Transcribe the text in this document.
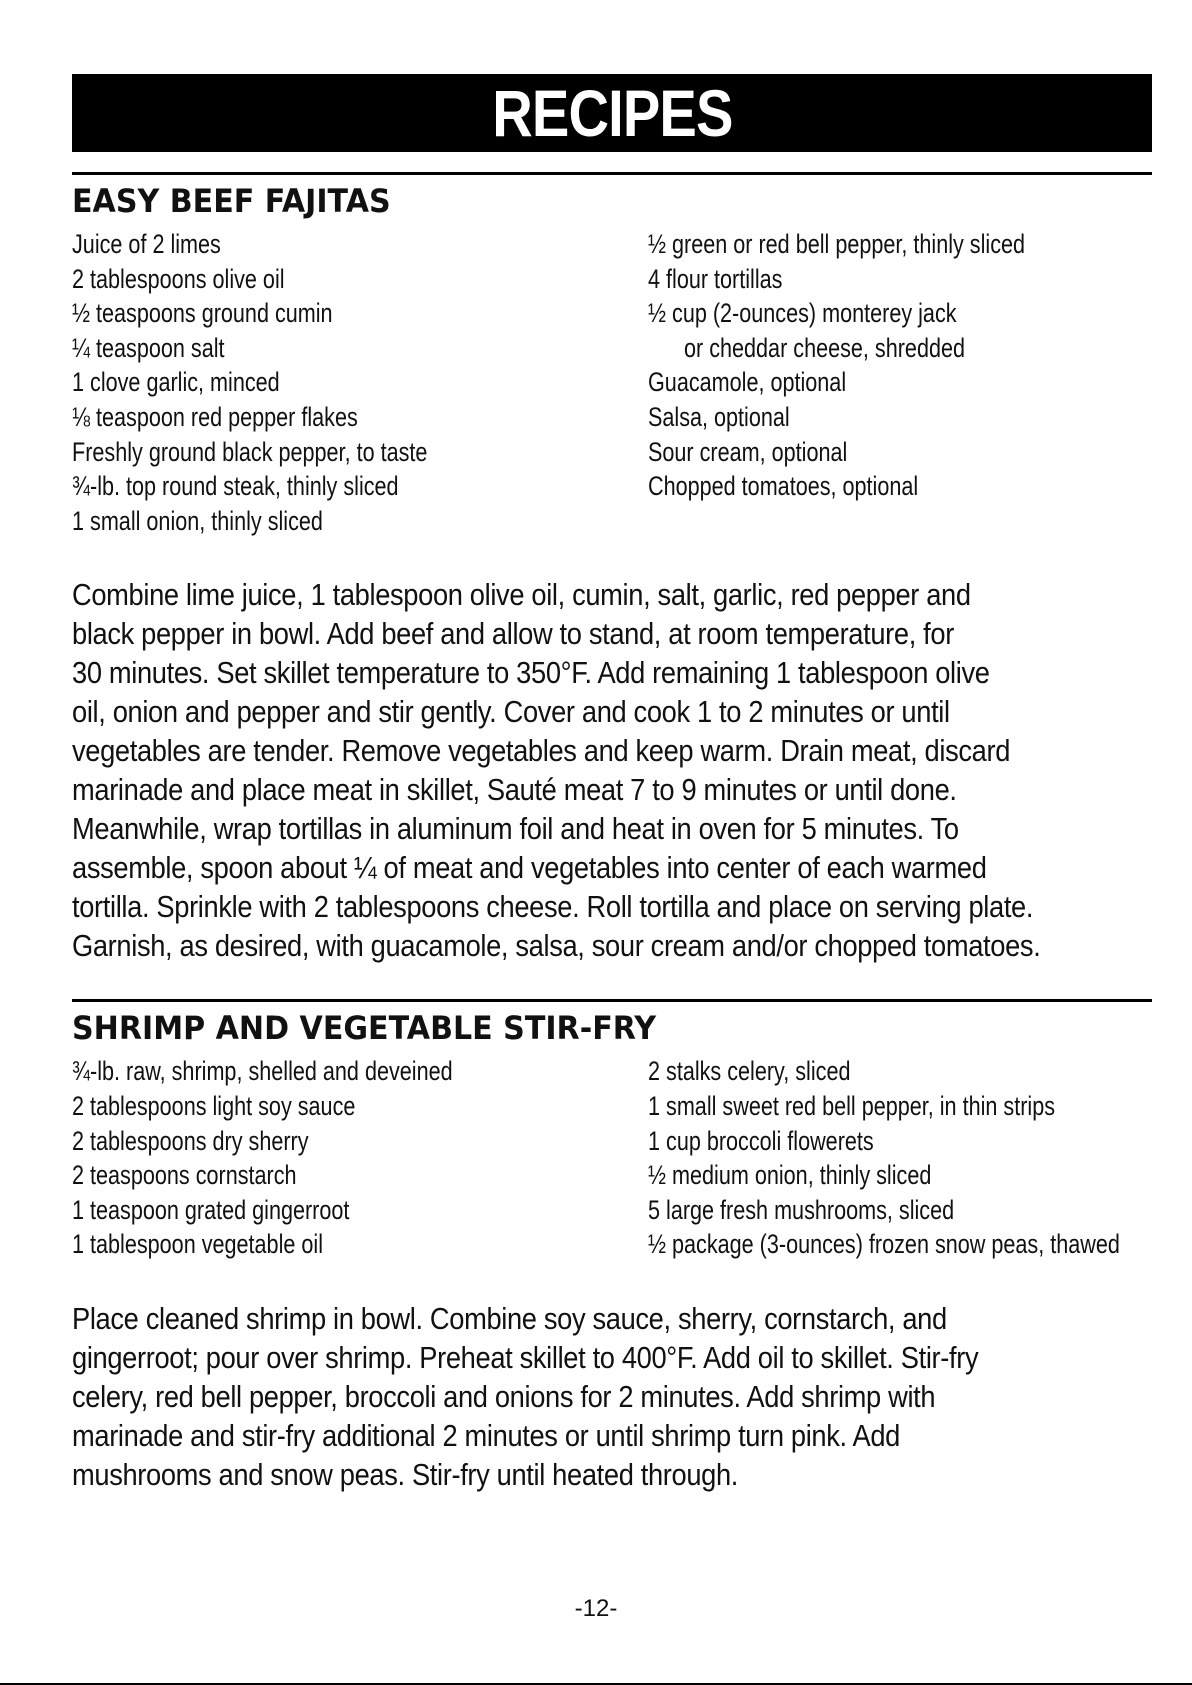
RECIPES
EASY BEEF FAJITAS
Juice of 2 limes
2 tablespoons olive oil
½ teaspoons ground cumin
¼ teaspoon salt
1 clove garlic, minced
⅛ teaspoon red pepper flakes
Freshly ground black pepper, to taste
¾-lb. top round steak, thinly sliced
1 small onion, thinly sliced
½ green or red bell pepper, thinly sliced
4 flour tortillas
½ cup (2-ounces) monterey jack
or cheddar cheese, shredded
Guacamole, optional
Salsa, optional
Sour cream, optional
Chopped tomatoes, optional
Combine lime juice, 1 tablespoon olive oil, cumin, salt, garlic, red pepper and
black pepper in bowl. Add beef and allow to stand, at room temperature, for
30 minutes. Set skillet temperature to 350°F. Add remaining 1 tablespoon olive
oil, onion and pepper and stir gently. Cover and cook 1 to 2 minutes or until
vegetables are tender. Remove vegetables and keep warm. Drain meat, discard
marinade and place meat in skillet, Sauté meat 7 to 9 minutes or until done.
Meanwhile, wrap tortillas in aluminum foil and heat in oven for 5 minutes. To
assemble, spoon about ¼ of meat and vegetables into center of each warmed
tortilla. Sprinkle with 2 tablespoons cheese. Roll tortilla and place on serving plate.
Garnish, as desired, with guacamole, salsa, sour cream and/or chopped tomatoes.
SHRIMP AND VEGETABLE STIR-FRY
¾-lb. raw, shrimp, shelled and deveined
2 tablespoons light soy sauce
2 tablespoons dry sherry
2 teaspoons cornstarch
1 teaspoon grated gingerroot
1 tablespoon vegetable oil
2 stalks celery, sliced
1 small sweet red bell pepper, in thin strips
1 cup broccoli flowerets
½ medium onion, thinly sliced
5 large fresh mushrooms, sliced
½ package (3-ounces) frozen snow peas, thawed
Place cleaned shrimp in bowl. Combine soy sauce, sherry, cornstarch, and
gingerroot; pour over shrimp. Preheat skillet to 400°F. Add oil to skillet. Stir-fry
celery, red bell pepper, broccoli and onions for 2 minutes. Add shrimp with
marinade and stir-fry additional 2 minutes or until shrimp turn pink. Add
mushrooms and snow peas. Stir-fry until heated through.
-12-
